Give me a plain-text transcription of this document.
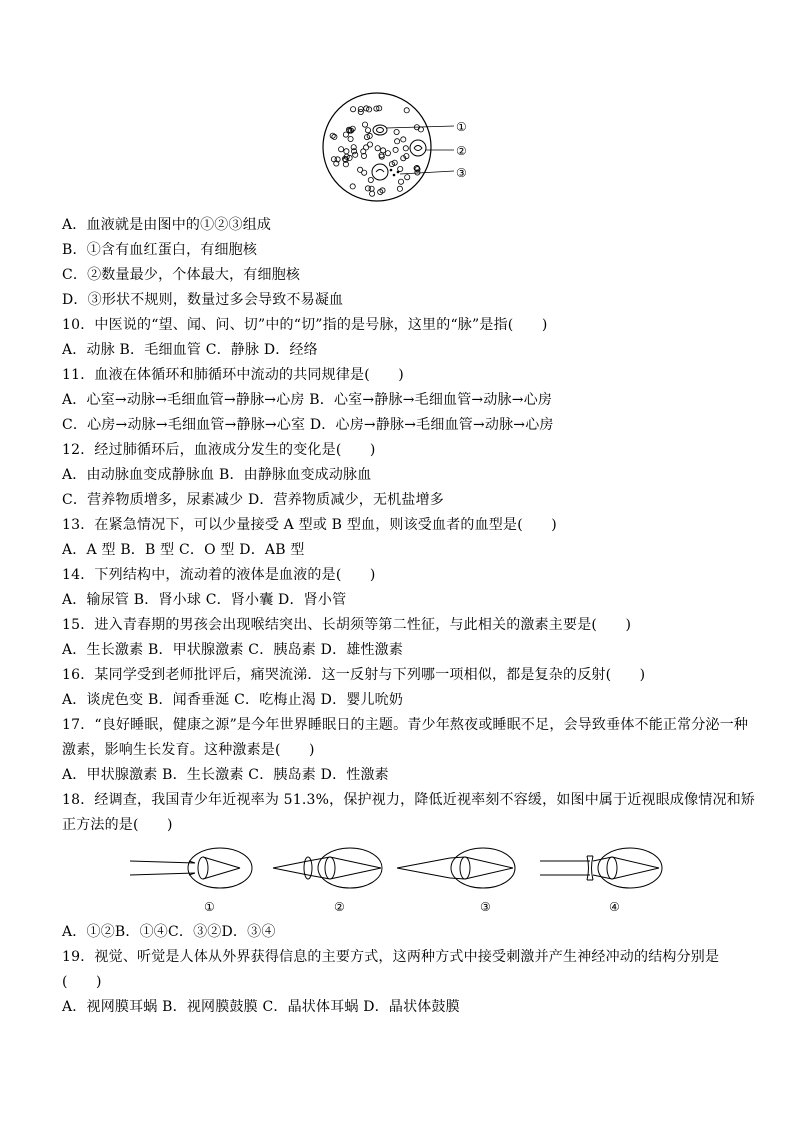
①
②
③
A．血液就是由图中的①②③组成
B．①含有血红蛋白，有细胞核
C．②数量最少，个体最大，有细胞核
D．③形状不规则，数量过多会导致不易凝血
10．中医说的“望、闻、问、切”中的“切”指的是号脉，这里的“脉”是指(　　)
A．动脉 B．毛细血管 C．静脉 D．经络
11．血液在体循环和肺循环中流动的共同规律是(　　)
A．心室→动脉→毛细血管→静脉→心房 B．心室→静脉→毛细血管→动脉→心房
C．心房→动脉→毛细血管→静脉→心室 D．心房→静脉→毛细血管→动脉→心房
12．经过肺循环后，血液成分发生的变化是(　　)
A．由动脉血变成静脉血 B．由静脉血变成动脉血
C．营养物质增多，尿素减少 D．营养物质减少，无机盐增多
13．在紧急情况下，可以少量接受 A 型或 B 型血，则该受血者的血型是(　　)
A．A 型 B．B 型 C．O 型 D．AB 型
14．下列结构中，流动着的液体是血液的是(　　)
A．输尿管 B．肾小球 C．肾小囊 D．肾小管
15．进入青春期的男孩会出现喉结突出、长胡须等第二性征，与此相关的激素主要是(　　)
A．生长激素 B．甲状腺激素 C．胰岛素 D．雄性激素
16．某同学受到老师批评后，痛哭流涕．这一反射与下列哪一项相似，都是复杂的反射(　　)
A．谈虎色变 B．闻香垂涎 C．吃梅止渴 D．婴儿吮奶
17．“良好睡眠，健康之源”是今年世界睡眠日的主题。青少年熬夜或睡眠不足，会导致垂体不能正常分泌一种
激素，影响生长发育。这种激素是(　　)
A．甲状腺激素 B．生长激素 C．胰岛素 D．性激素
18．经调查，我国青少年近视率为 51.3%，保护视力，降低近视率刻不容缓，如图中属于近视眼成像情况和矫
正方法的是(　　)
①	②	③	④
A．①②B．①④C．③②D．③④
19．视觉、听觉是人体从外界获得信息的主要方式，这两种方式中接受刺激并产生神经冲动的结构分别是
(　　)
A．视网膜耳蜗 B．视网膜鼓膜 C．晶状体耳蜗 D．晶状体鼓膜
